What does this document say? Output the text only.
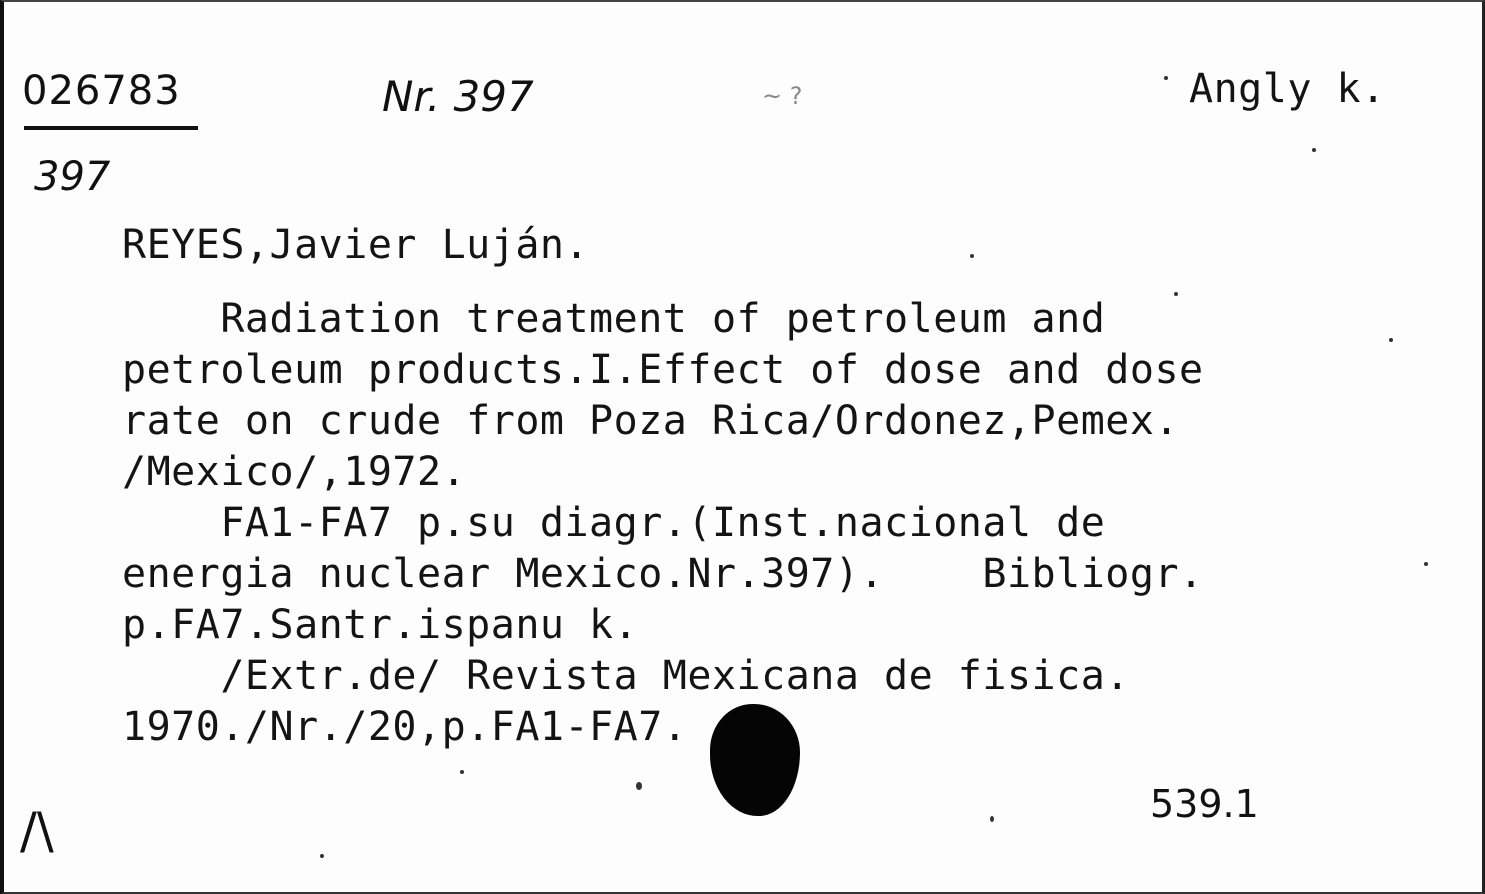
026783
397
Nr. 397	~ ?	Angly k.
REYES,Javier Luján.
Radiation treatment of petroleum and
petroleum products.I.Effect of dose and dose
rate on crude from Poza Rica/Ordonez,Pemex.
/Mexico/,1972.
FA1-FA7 p.su diagr.(Inst.nacional de
energia nuclear Mexico.Nr.397).    Bibliogr.
p.FA7.Santr.ispanu k.
/Extr.de/ Revista Mexicana de fisica.
1970./Nr./20,p.FA1-FA7.
/\	539.1
